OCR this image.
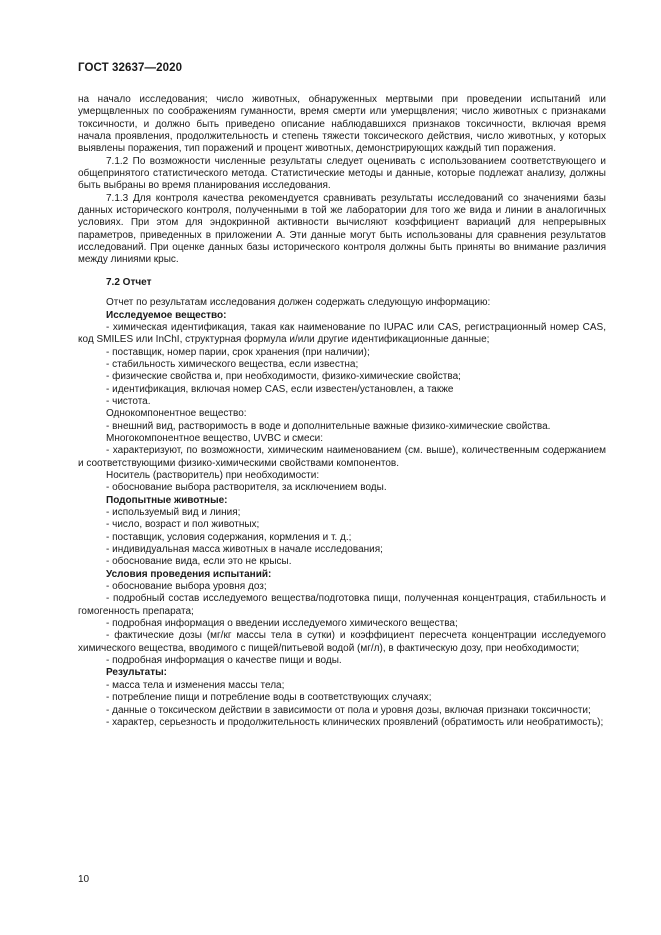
ГОСТ 32637—2020

на начало исследования; число животных, обнаруженных мертвыми при проведении испытаний или умерщвленных по соображениям гуманности, время смерти или умерщвления; число животных с признаками токсичности, и должно быть приведено описание наблюдавшихся признаков токсичности, включая время начала проявления, продолжительность и степень тяжести токсического действия, число животных, у которых выявлены поражения, тип поражений и процент животных, демонстрирующих каждый тип поражения.

7.1.2 По возможности численные результаты следует оценивать с использованием соответствующего и общепринятого статистического метода. Статистические методы и данные, которые подлежат анализу, должны быть выбраны во время планирования исследования.

7.1.3 Для контроля качества рекомендуется сравнивать результаты исследований со значениями базы данных исторического контроля, полученными в той же лаборатории для того же вида и линии в аналогичных условиях. При этом для эндокринной активности вычисляют коэффициент вариаций для непрерывных параметров, приведенных в приложении А. Эти данные могут быть использованы для сравнения результатов исследований. При оценке данных базы исторического контроля должны быть приняты во внимание различия между линиями крыс.

7.2 Отчет

Отчет по результатам исследования должен содержать следующую информацию:

Исследуемое вещество:

- химическая идентификация, такая как наименование по IUPAC или CAS, регистрационный номер CAS, код SMILES или InChI, структурная формула и/или другие идентификационные данные;

- поставщик, номер парии, срок хранения (при наличии);

- стабильность химического вещества, если известна;

- физические свойства и, при необходимости, физико-химические свойства;

- идентификация, включая номер CAS, если известен/установлен, а также

- чистота.

Однокомпонентное вещество:

- внешний вид, растворимость в воде и дополнительные важные физико-химические свойства.

Многокомпонентное вещество, UVBC и смеси:

- характеризуют, по возможности, химическим наименованием (см. выше), количественным содержанием и соответствующими физико-химическими свойствами компонентов.

Носитель (растворитель) при необходимости:

- обоснование выбора растворителя, за исключением воды.

Подопытные животные:

- используемый вид и линия;

- число, возраст и пол животных;

- поставщик, условия содержания, кормления и т. д.;

- индивидуальная масса животных в начале исследования;

- обоснование вида, если это не крысы.

Условия проведения испытаний:

- обоснование выбора уровня доз;

- подробный состав исследуемого вещества/подготовка пищи, полученная концентрация, стабильность и гомогенность препарата;

- подробная информация о введении исследуемого химического вещества;

- фактические дозы (мг/кг массы тела в сутки) и коэффициент пересчета концентрации исследуемого химического вещества, вводимого с пищей/питьевой водой (мг/л), в фактическую дозу, при необходимости;

- подробная информация о качестве пищи и воды.

Результаты:

- масса тела и изменения массы тела;

- потребление пищи и потребление воды в соответствующих случаях;

- данные о токсическом действии в зависимости от пола и уровня дозы, включая признаки токсичности;

- характер, серьезность и продолжительность клинических проявлений (обратимость или необратимость);

10
